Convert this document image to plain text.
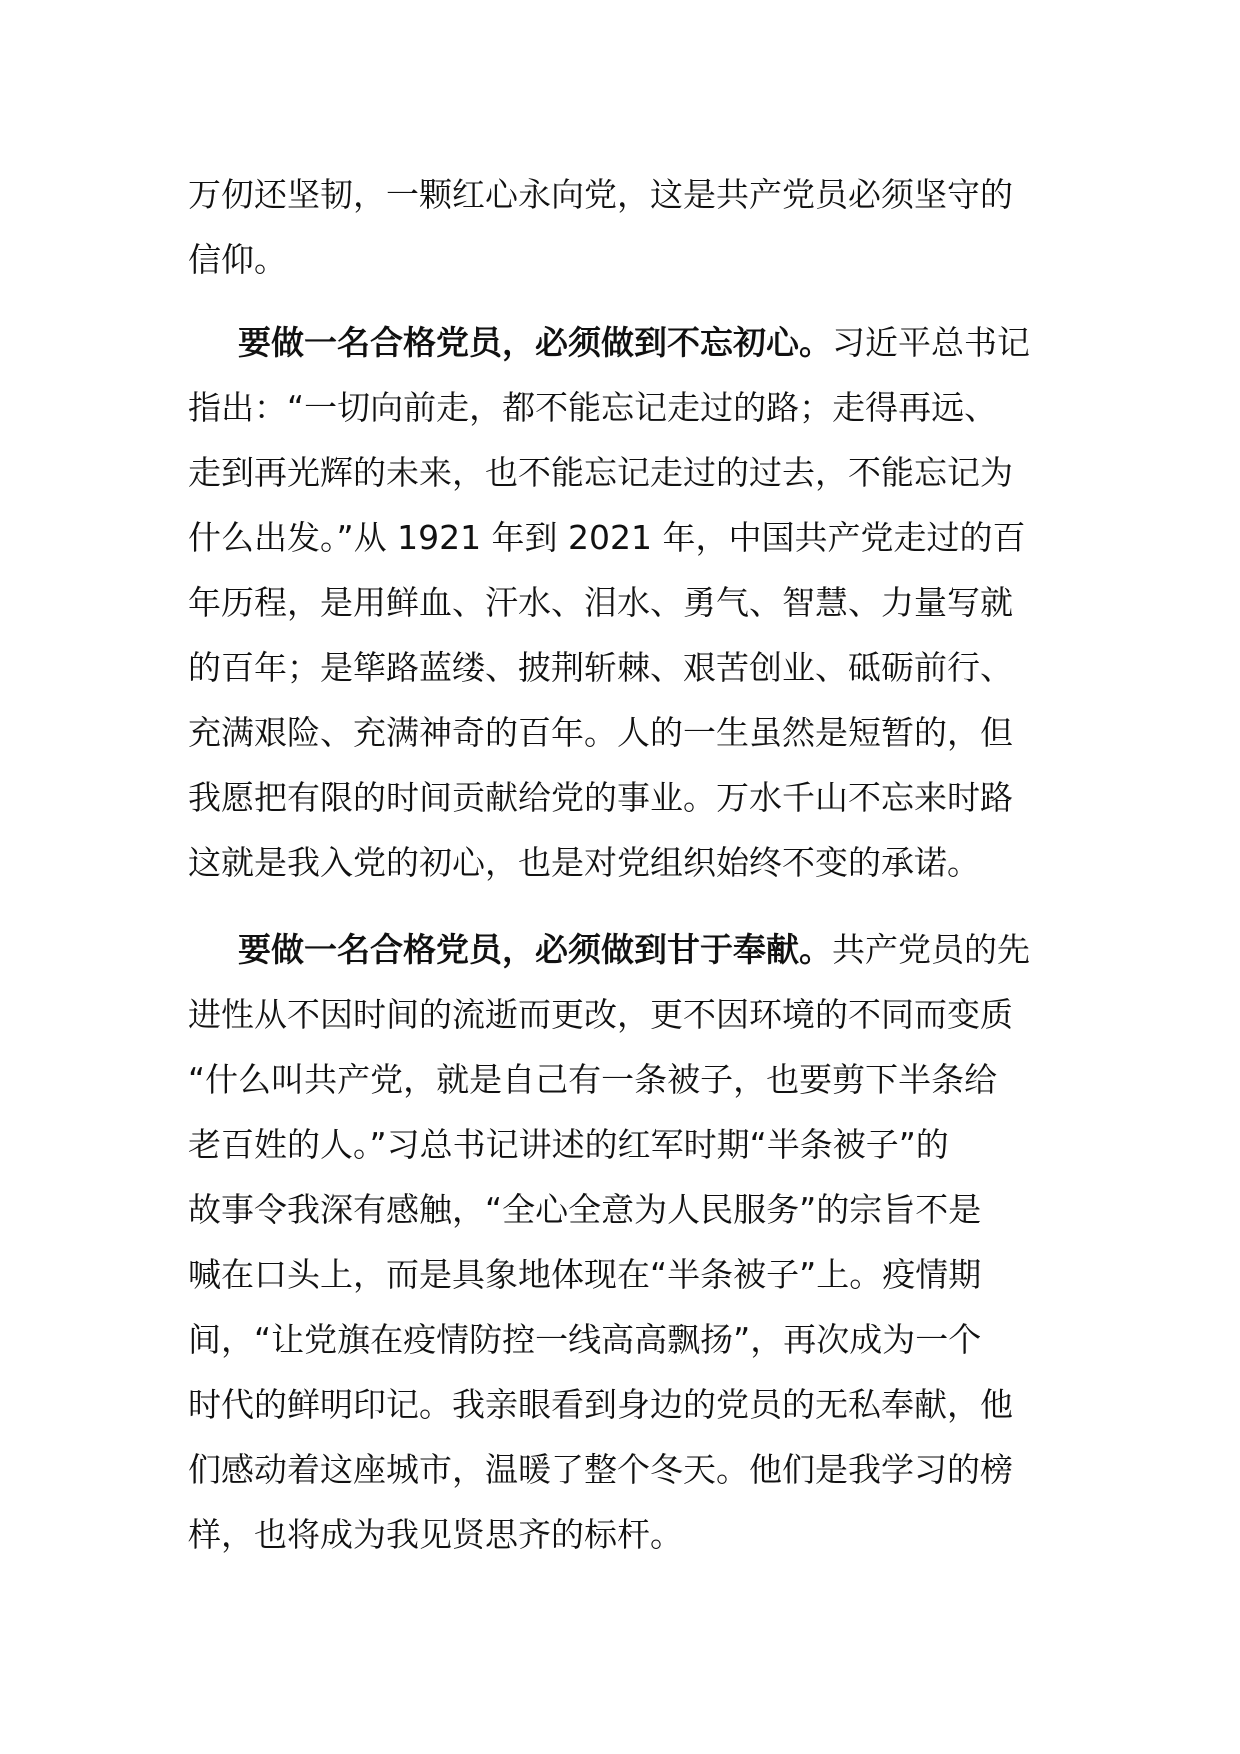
万仞还坚韧，一颗红心永向党，这是共产党员必须坚守的
信仰。
要做一名合格党员，必须做到不忘初心。习近平总书记
指出：“一切向前走，都不能忘记走过的路；走得再远、
走到再光辉的未来，也不能忘记走过的过去，不能忘记为
什么出发。”从 1921 年到 2021 年，中国共产党走过的百
年历程，是用鲜血、汗水、泪水、勇气、智慧、力量写就
的百年；是筚路蓝缕、披荆斩棘、艰苦创业、砥砺前行、
充满艰险、充满神奇的百年。人的一生虽然是短暂的，但
我愿把有限的时间贡献给党的事业。万水千山不忘来时路
这就是我入党的初心，也是对党组织始终不变的承诺。
要做一名合格党员，必须做到甘于奉献。共产党员的先
进性从不因时间的流逝而更改，更不因环境的不同而变质
“什么叫共产党，就是自己有一条被子，也要剪下半条给
老百姓的人。”习总书记讲述的红军时期“半条被子”的
故事令我深有感触，“全心全意为人民服务”的宗旨不是
喊在口头上，而是具象地体现在“半条被子”上。疫情期
间，“让党旗在疫情防控一线高高飘扬”，再次成为一个
时代的鲜明印记。我亲眼看到身边的党员的无私奉献，他
们感动着这座城市，温暖了整个冬天。他们是我学习的榜
样，也将成为我见贤思齐的标杆。
